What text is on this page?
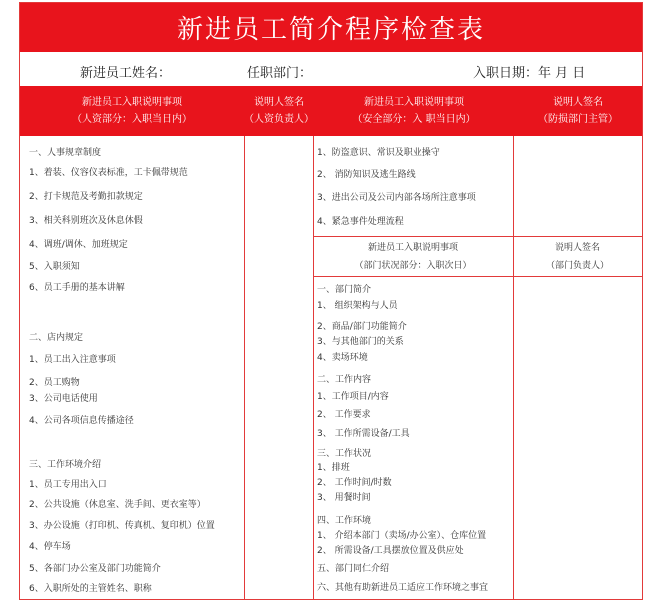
新进员工简介程序检查表
新进员工姓名：	任职部门：	入职日期：年 月 日
新进员工入职说明事项
（人资部分：入职当日内）
说明人签名
（人资负责人）
新进员工入职说明事项
（安全部分：入 职当日内）
说明人签名
（防损部门主管）
一、人事规章制度
1、着装、仪容仪表标准，工卡佩带规范
2、打卡规范及考勤扣款规定
3、相关科别班次及休息休假
4、调班/调休、加班规定
5、入职须知
6、员工手册的基本讲解
二、店内规定
1、员工出入注意事项
2、员工购物
3、公司电话使用
4、公司各项信息传播途径
三、工作环境介绍
1、员工专用出入口
2、公共设施（休息室、洗手间、更衣室等）
3、办公设施（打印机、传真机、复印机）位置
4、停车场
5、各部门办公室及部门功能简介
6、入职所处的主管姓名、职称
1、防盗意识、常识及职业操守
2、 消防知识及逃生路线
3、进出公司及公司内部各场所注意事项
4、紧急事件处理流程
新进员工入职说明事项
（部门状况部分：入职次日）
说明人签名
（部门负责人）
一、部门简介
1、 组织架构与人员
2、商品/部门功能简介
3、与其他部门的关系
4、卖场环境
二、工作内容
1、工作项目/内容
2、 工作要求
3、 工作所需设备/工具
三、工作状况
1、排班
2、 工作时间/时数
3、 用餐时间
四、工作环境
1、 介绍本部门（卖场/办公室）、仓库位置
2、 所需设备/工具摆放位置及供应处
五、部门同仁介绍
六、其他有助新进员工适应工作环境之事宜
